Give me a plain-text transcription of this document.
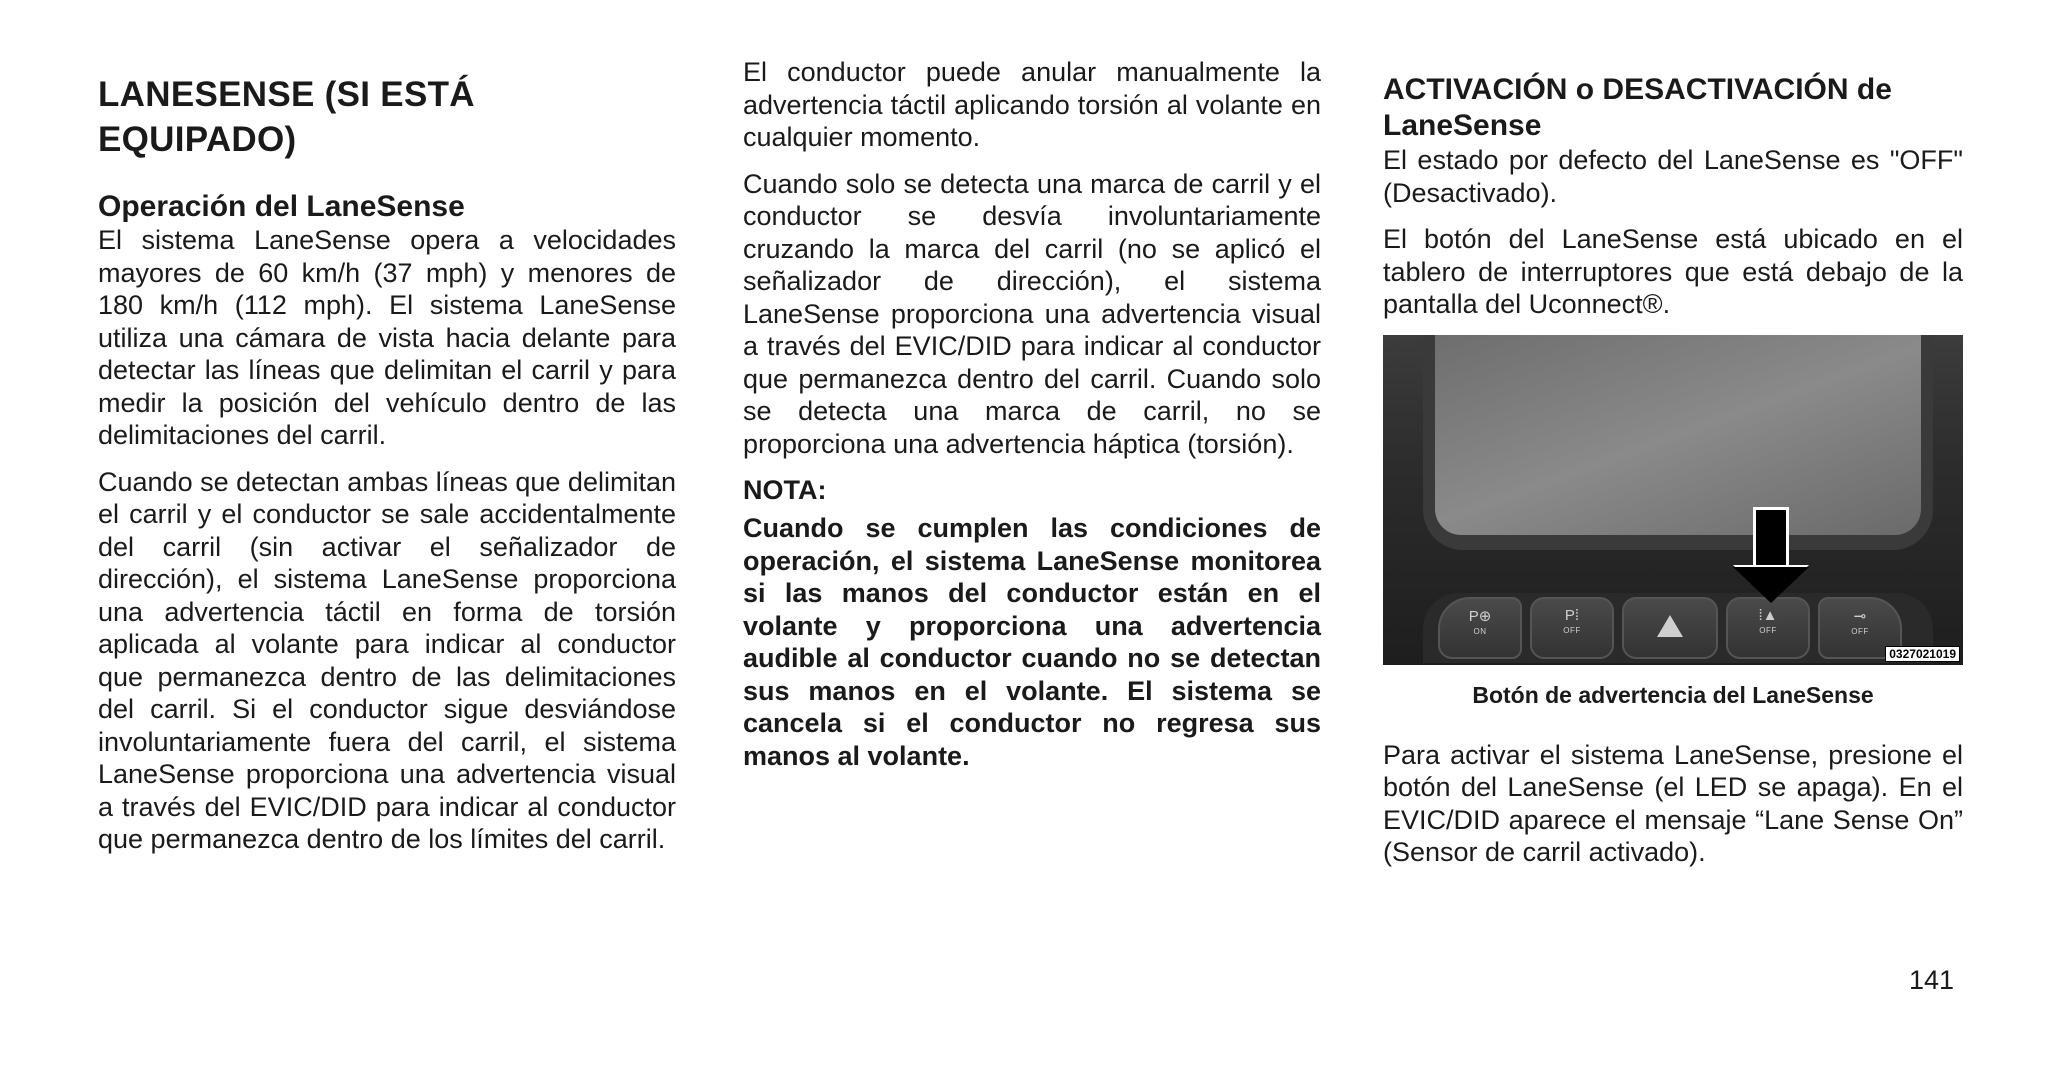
LANESENSE (SI ESTÁ EQUIPADO)
Operación del LaneSense

El sistema LaneSense opera a velocidades mayores de 60 km/h (37 mph) y menores de 180 km/h (112 mph). El sistema LaneSense utiliza una cámara de vista hacia delante para detectar las líneas que delimitan el carril y para medir la posición del vehículo dentro de las delimitaciones del carril.

Cuando se detectan ambas líneas que delimitan el carril y el conductor se sale accidentalmente del carril (sin activar el señalizador de dirección), el sistema LaneSense proporciona una advertencia táctil en forma de torsión aplicada al volante para indicar al conductor que permanezca dentro de las delimitaciones del carril. Si el conductor sigue desviándose involuntariamente fuera del carril, el sistema LaneSense proporciona una advertencia visual a través del EVIC/DID para indicar al conductor que permanezca dentro de los límites del carril.

El conductor puede anular manualmente la advertencia táctil aplicando torsión al volante en cualquier momento.

Cuando solo se detecta una marca de carril y el conductor se desvía involuntariamente cruzando la marca del carril (no se aplicó el señalizador de dirección), el sistema LaneSense proporciona una advertencia visual a través del EVIC/DID para indicar al conductor que permanezca dentro del carril. Cuando solo se detecta una marca de carril, no se proporciona una advertencia háptica (torsión).

NOTA:

Cuando se cumplen las condiciones de operación, el sistema LaneSense monitorea si las manos del conductor están en el volante y proporciona una advertencia audible al conductor cuando no se detectan sus manos en el volante. El sistema se cancela si el conductor no regresa sus manos al volante.

ACTIVACIÓN o DESACTIVACIÓN de LaneSense

El estado por defecto del LaneSense es "OFF" (Desactivado).

El botón del LaneSense está ubicado en el tablero de interruptores que está debajo de la pantalla del Uconnect®.

P⊕
ON
P⁞
OFF
⁞▲
OFF
⊸
OFF
0327021019
Botón de advertencia del LaneSense

Para activar el sistema LaneSense, presione el botón del LaneSense (el LED se apaga). En el EVIC/DID aparece el mensaje “Lane Sense On” (Sensor de carril activado).

141
